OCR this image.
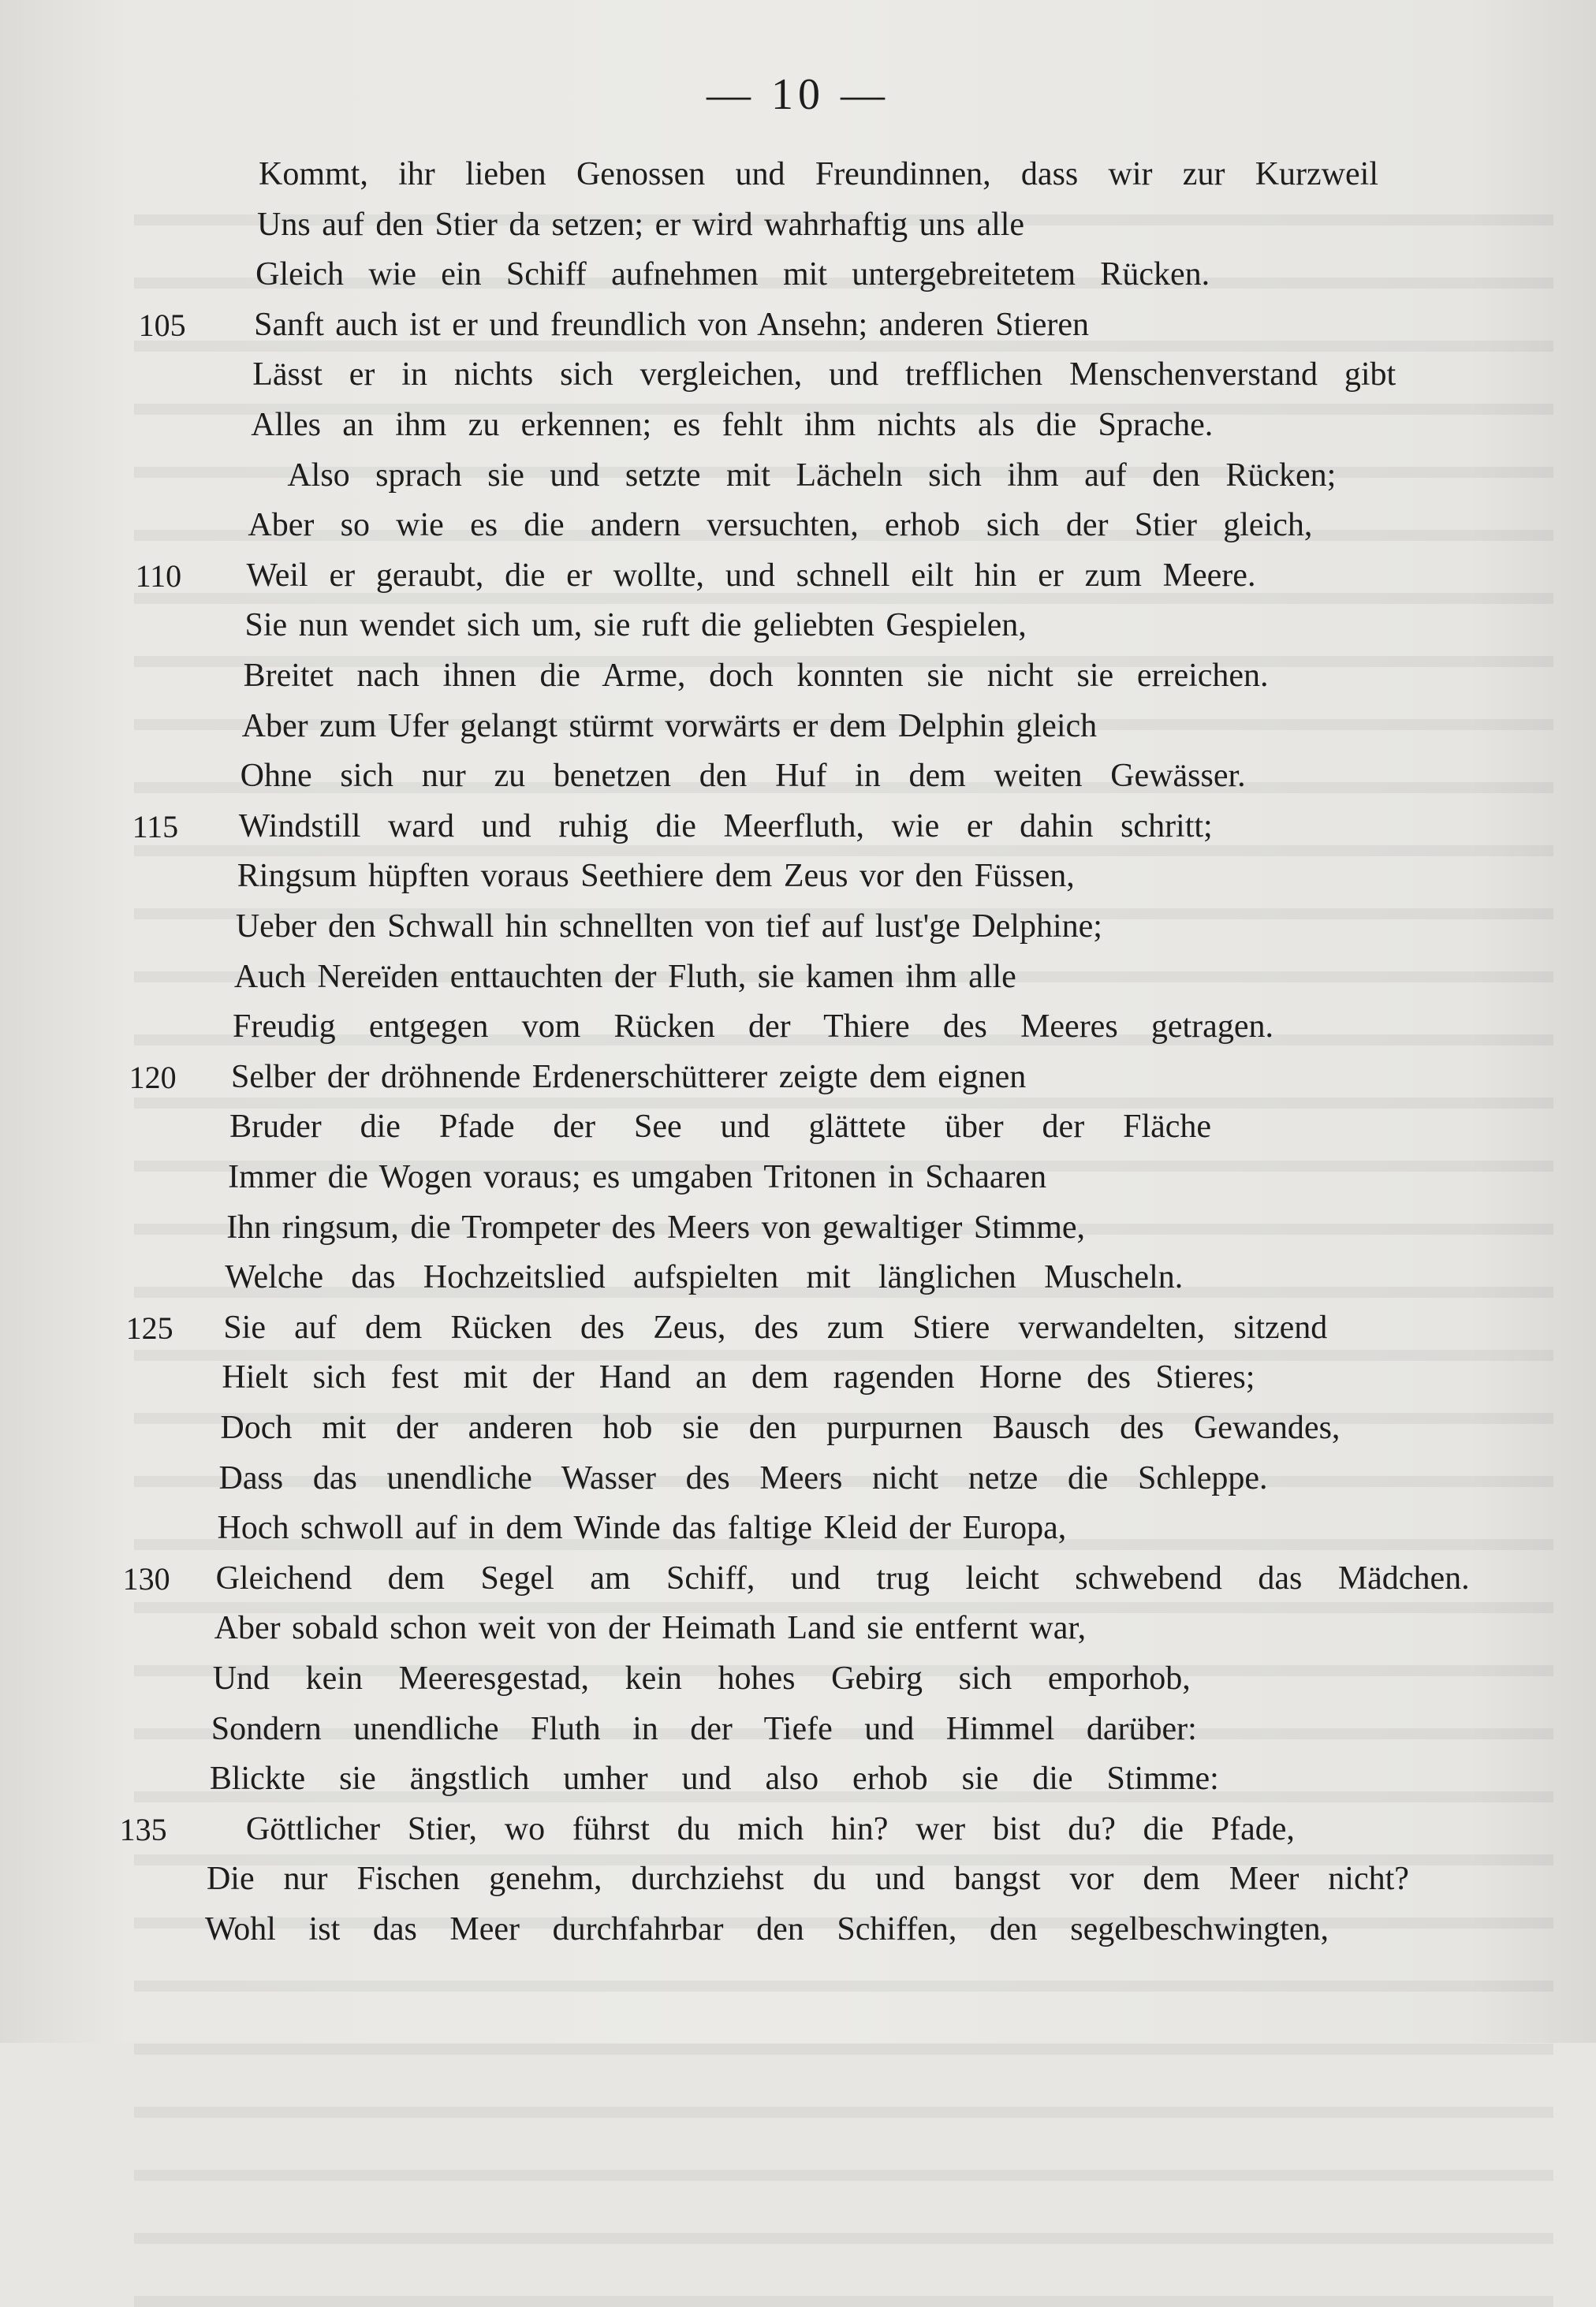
— 10 —
Kommt, ihr lieben Genossen und Freundinnen, dass wir zur Kurzweil
Uns auf den Stier da setzen; er wird wahrhaftig uns alle
Gleich wie ein Schiff aufnehmen mit untergebreitetem Rücken.
Sanft auch ist er und freundlich von Ansehn; anderen Stieren
105
Lässt er in nichts sich vergleichen, und trefflichen Menschenverstand gibt
Alles an ihm zu erkennen; es fehlt ihm nichts als die Sprache.
Also sprach sie und setzte mit Lächeln sich ihm auf den Rücken;
Aber so wie es die andern versuchten, erhob sich der Stier gleich,
Weil er geraubt, die er wollte, und schnell eilt hin er zum Meere.
110
Sie nun wendet sich um, sie ruft die geliebten Gespielen,
Breitet nach ihnen die Arme, doch konnten sie nicht sie erreichen.
Aber zum Ufer gelangt stürmt vorwärts er dem Delphin gleich
Ohne sich nur zu benetzen den Huf in dem weiten Gewässer.
Windstill ward und ruhig die Meerfluth, wie er dahin schritt;
115
Ringsum hüpften voraus Seethiere dem Zeus vor den Füssen,
Ueber den Schwall hin schnellten von tief auf lust'ge Delphine;
Auch Nereïden enttauchten der Fluth, sie kamen ihm alle
Freudig entgegen vom Rücken der Thiere des Meeres getragen.
Selber der dröhnende Erdenerschütterer zeigte dem eignen
120
Bruder die Pfade der See und glättete über der Fläche
Immer die Wogen voraus; es umgaben Tritonen in Schaaren
Ihn ringsum, die Trompeter des Meers von gewaltiger Stimme,
Welche das Hochzeitslied aufspielten mit länglichen Muscheln.
Sie auf dem Rücken des Zeus, des zum Stiere verwandelten, sitzend
125
Hielt sich fest mit der Hand an dem ragenden Horne des Stieres;
Doch mit der anderen hob sie den purpurnen Bausch des Gewandes,
Dass das unendliche Wasser des Meers nicht netze die Schleppe.
Hoch schwoll auf in dem Winde das faltige Kleid der Europa,
Gleichend dem Segel am Schiff, und trug leicht schwebend das Mädchen.
130
Aber sobald schon weit von der Heimath Land sie entfernt war,
Und kein Meeresgestad, kein hohes Gebirg sich emporhob,
Sondern unendliche Fluth in der Tiefe und Himmel darüber:
Blickte sie ängstlich umher und also erhob sie die Stimme:
Göttlicher Stier, wo führst du mich hin? wer bist du? die Pfade,
135
Die nur Fischen genehm, durchziehst du und bangst vor dem Meer nicht?
Wohl ist das Meer durchfahrbar den Schiffen, den segelbeschwingten,
